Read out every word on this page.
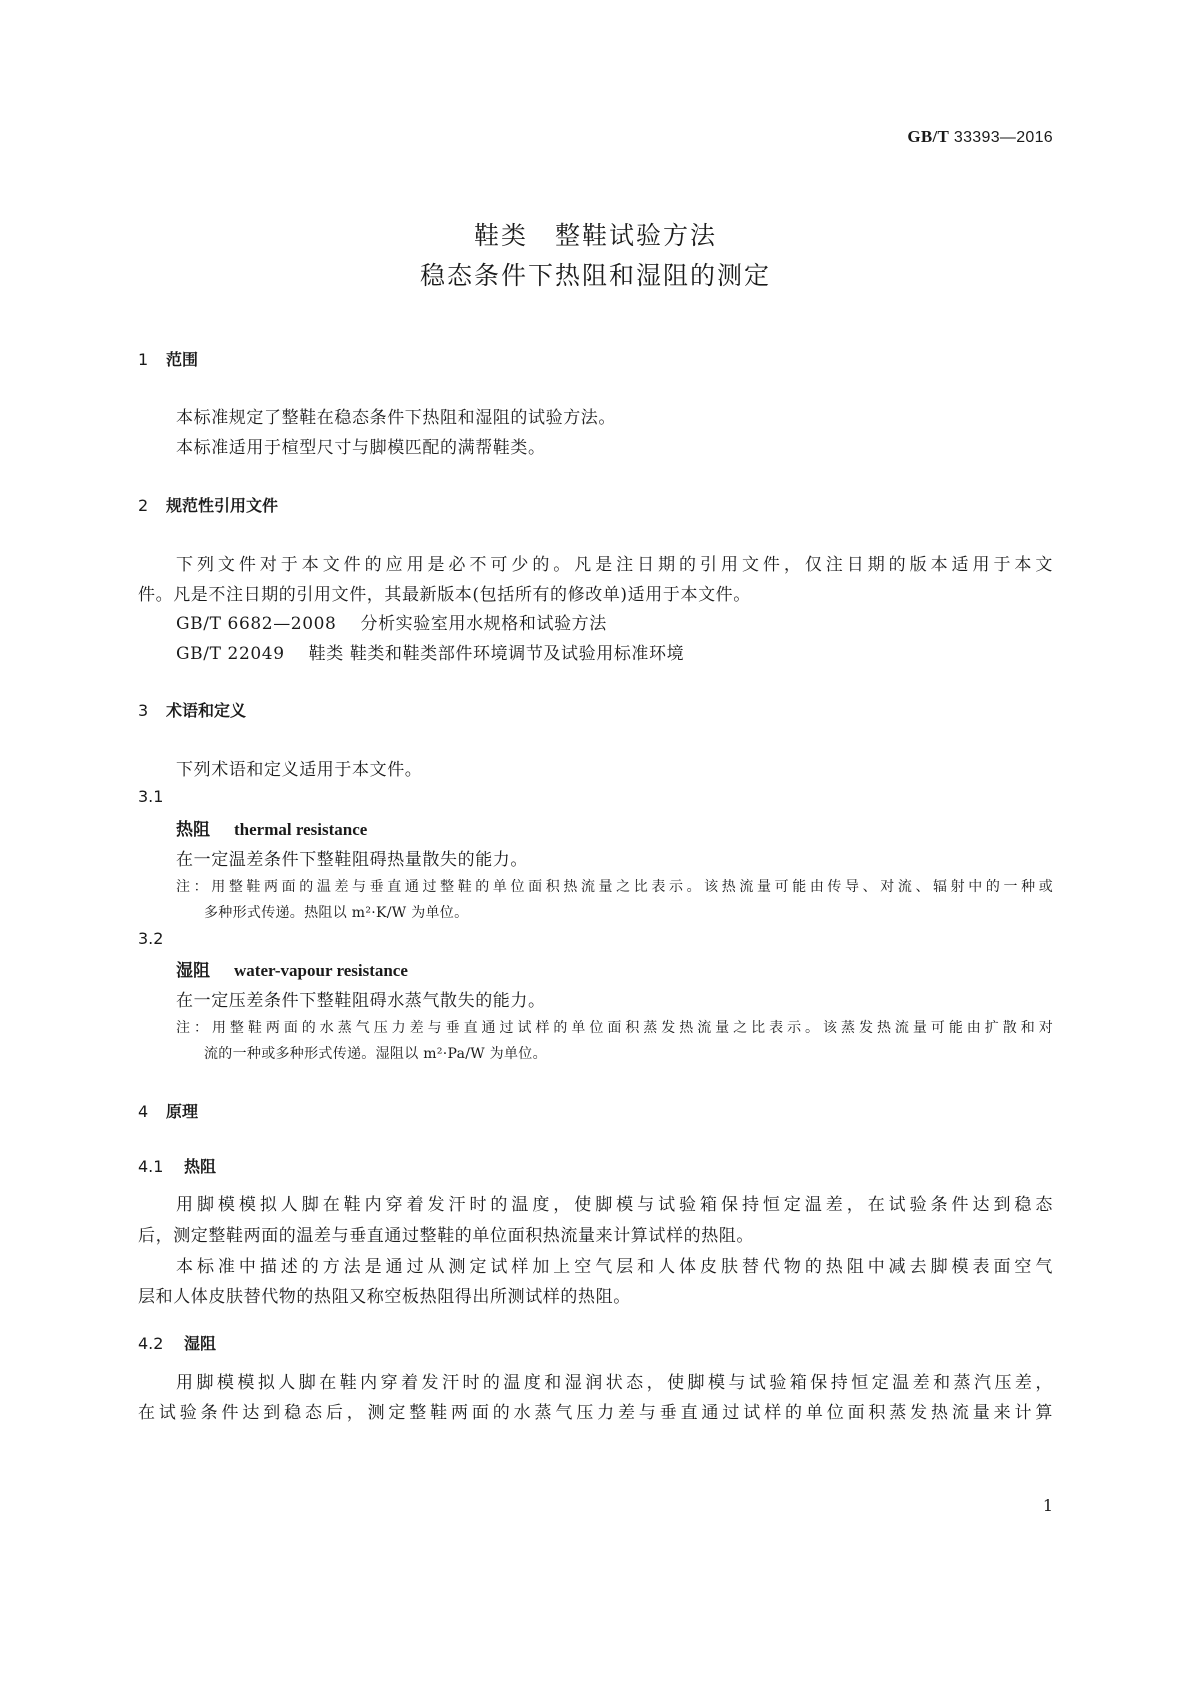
GB/T 33393—2016
鞋类　整鞋试验方法
稳态条件下热阻和湿阻的测定
1 范围
本标准规定了整鞋在稳态条件下热阻和湿阻的试验方法。
本标准适用于楦型尺寸与脚模匹配的满帮鞋类。
2 规范性引用文件
下列文件对于本文件的应用是必不可少的。凡是注日期的引用文件，仅注日期的版本适用于本文
件。凡是不注日期的引用文件，其最新版本(包括所有的修改单)适用于本文件。
GB/T 6682—2008 分析实验室用水规格和试验方法
GB/T 22049 鞋类 鞋类和鞋类部件环境调节及试验用标准环境
3 术语和定义
下列术语和定义适用于本文件。
3.1
热阻 thermal resistance
在一定温差条件下整鞋阻碍热量散失的能力。
注：用整鞋两面的温差与垂直通过整鞋的单位面积热流量之比表示。该热流量可能由传导、对流、辐射中的一种或
多种形式传递。热阻以 m²·K/W 为单位。
3.2
湿阻 water-vapour resistance
在一定压差条件下整鞋阻碍水蒸气散失的能力。
注：用整鞋两面的水蒸气压力差与垂直通过试样的单位面积蒸发热流量之比表示。该蒸发热流量可能由扩散和对
流的一种或多种形式传递。湿阻以 m²·Pa/W 为单位。
4 原理
4.1 热阻
用脚模模拟人脚在鞋内穿着发汗时的温度，使脚模与试验箱保持恒定温差，在试验条件达到稳态
后，测定整鞋两面的温差与垂直通过整鞋的单位面积热流量来计算试样的热阻。
本标准中描述的方法是通过从测定试样加上空气层和人体皮肤替代物的热阻中减去脚模表面空气
层和人体皮肤替代物的热阻又称空板热阻得出所测试样的热阻。
4.2 湿阻
用脚模模拟人脚在鞋内穿着发汗时的温度和湿润状态，使脚模与试验箱保持恒定温差和蒸汽压差，
在试验条件达到稳态后，测定整鞋两面的水蒸气压力差与垂直通过试样的单位面积蒸发热流量来计算
1
